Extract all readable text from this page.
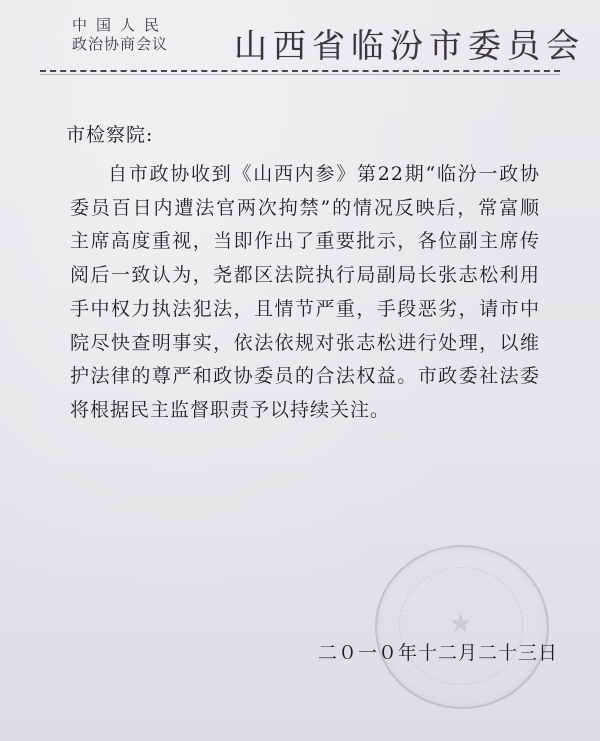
中国人民
政治协商会议 山西省临汾市委员会
市检察院:
自市政协收到《山西内参》第22期“临汾一政协委员百日内遭法官两次拘禁”的情况反映后，常富顺主席高度重视，当即作出了重要批示，各位副主席传阅后一致认为，尧都区法院执行局副局长张志松利用手中权力执法犯法，且情节严重，手段恶劣，请市中院尽快查明事实，依法依规对张志松进行处理，以维护法律的尊严和政协委员的合法权益。市政委社法委将根据民主监督职责予以持续关注。
★
二０一０年十二月二十三日
